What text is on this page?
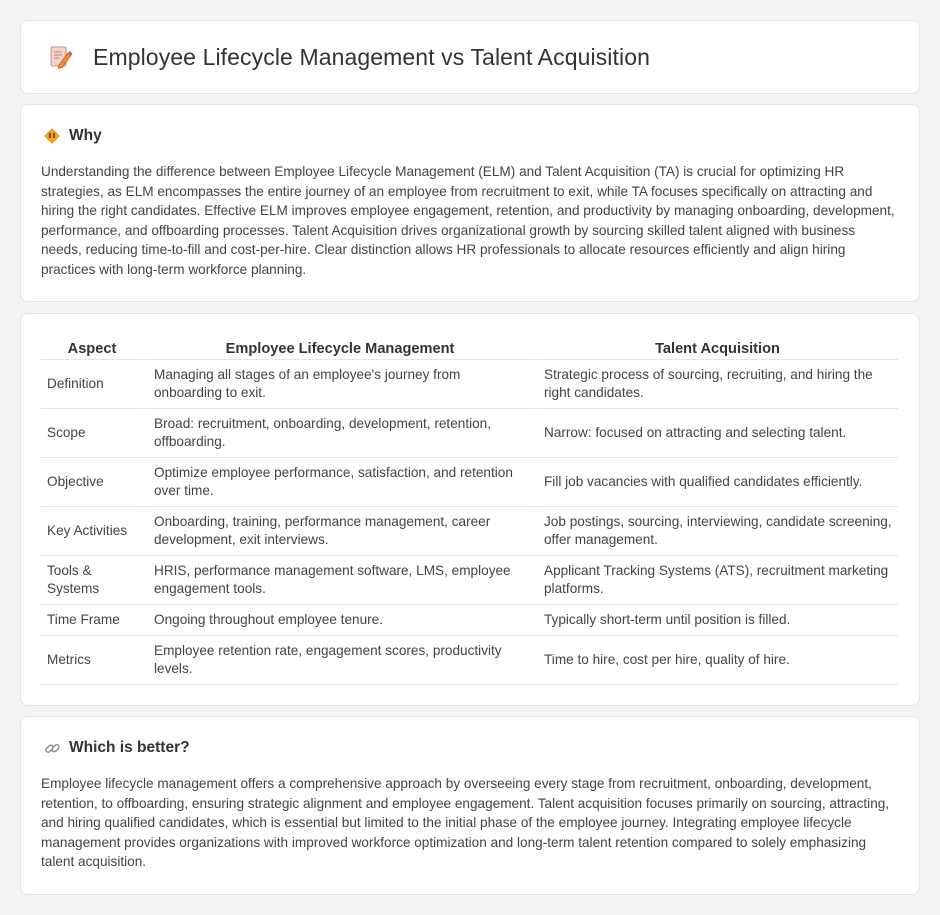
Employee Lifecycle Management vs Talent Acquisition
Why

Understanding the difference between Employee Lifecycle Management (ELM) and Talent Acquisition (TA) is crucial for optimizing HR strategies, as ELM encompasses the entire journey of an employee from recruitment to exit, while TA focuses specifically on attracting and hiring the right candidates. Effective ELM improves employee engagement, retention, and productivity by managing onboarding, development, performance, and offboarding processes. Talent Acquisition drives organizational growth by sourcing skilled talent aligned with business needs, reducing time-to-fill and cost-per-hire. Clear distinction allows HR professionals to allocate resources efficiently and align hiring practices with long-term workforce planning.

Aspect	Employee Lifecycle Management	Talent Acquisition
Definition	Managing all stages of an employee's journey from onboarding to exit.	Strategic process of sourcing, recruiting, and hiring the right candidates.
Scope	Broad: recruitment, onboarding, development, retention, offboarding.	Narrow: focused on attracting and selecting talent.
Objective	Optimize employee performance, satisfaction, and retention over time.	Fill job vacancies with qualified candidates efficiently.
Key Activities	Onboarding, training, performance management, career development, exit interviews.	Job postings, sourcing, interviewing, candidate screening, offer management.
Tools & Systems	HRIS, performance management software, LMS, employee engagement tools.	Applicant Tracking Systems (ATS), recruitment marketing platforms.
Time Frame	Ongoing throughout employee tenure.	Typically short-term until position is filled.
Metrics	Employee retention rate, engagement scores, productivity levels.	Time to hire, cost per hire, quality of hire.
Which is better?

Employee lifecycle management offers a comprehensive approach by overseeing every stage from recruitment, onboarding, development, retention, to offboarding, ensuring strategic alignment and employee engagement. Talent acquisition focuses primarily on sourcing, attracting, and hiring qualified candidates, which is essential but limited to the initial phase of the employee journey. Integrating employee lifecycle management provides organizations with improved workforce optimization and long-term talent retention compared to solely emphasizing talent acquisition.
